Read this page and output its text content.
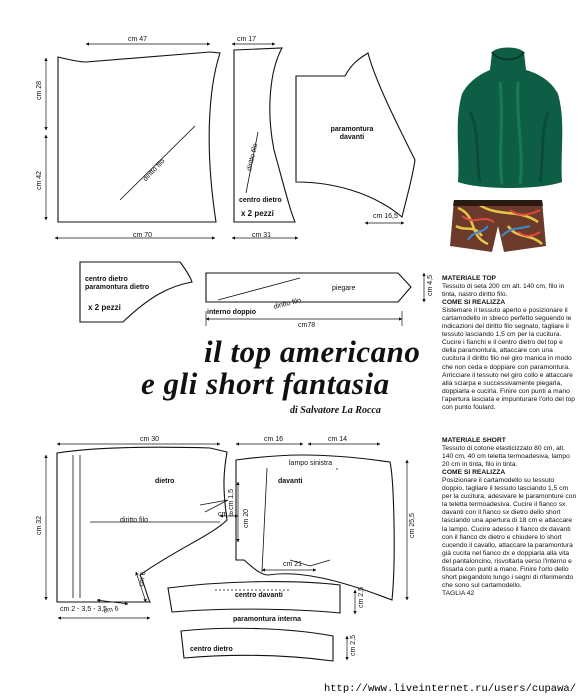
cm 47	cm 17
cm 28
cm 42	diritto filo	diritto filo
centro dietro
x 2 pezzi
paramontura davanti
cm 70	cm 31
cm 16,5
centro dietro paramontura dietro
x 2 pezzi
piegare
diritto filo
interno doppio
cm78
cm 4,5
il top americano
e gli short fantasia
di Salvatore La Rocca
cm 30	cm 16	cm 14
cm 32
dietro	davanti
lampo sinistra
diritto filo
cm 1,5
cm 8 cm 20	cm 25,5
cm 21
cm 6
cm 6
cm 2 - 3,5 - 3,5
centro davanti
paramontura interna
centro dietro
cm 2,5
cm 2,5
MATERIALE TOP
Tessuto di seta 200 cm alt. 140 cm, filo in tinta, nastro diritto filo.
COME SI REALIZZA
Sistemare il tessuto aperto e posizionare il cartamodello in sbieco perfetto seguendo le indicazioni del diritto filo segnato, tagliare il tessuto lasciando 1,5 cm per la cucitura. Cucire i fianchi e il centro dietro del top e della paramontura, attaccare con una cucitura il diritto filo nel giro manica in modo che non ceda e doppiare con paramontura. Arricciare il tessuto nel giro collo e attaccare alla sciarpa e successivamente piegarla, doppiarla e cucirla. Finire con punti a mano l'apertura lasciata e impunturare l'orlo del top con punto foulard.
MATERIALE SHORT
Tessuto di cotone elasticizzato 80 cm, alt. 140 cm, 40 cm teletta termoadesiva, lampo 20 cm in tinta, filo in tinta.
COME SI REALIZZA
Posizionare il cartamodello su tessuto doppio, tagliare il tessuto lasciando 1,5 cm per la cucitura, adesivare le paramonture con la teletta termoadesiva. Cucire il fianco sx davanti con il fianco sx dietro dello short lasciando una apertura di 18 cm e attaccare la lampo. Cucire adesso il fianco dx davanti con il fianco dx dietro e chiudere lo short cucendo il cavallo, attaccare la paramontura già cucita nel fianco dx e doppiarla alla vita del pantaloncino, risvoltarla verso l'interno e fissarla con punti a mano. Finire l'orlo dello short piegandolo lungo i segni di riferimendo che sono sul cartamodello.
TAGLIA 42
http://www.liveinternet.ru/users/cupawa/
